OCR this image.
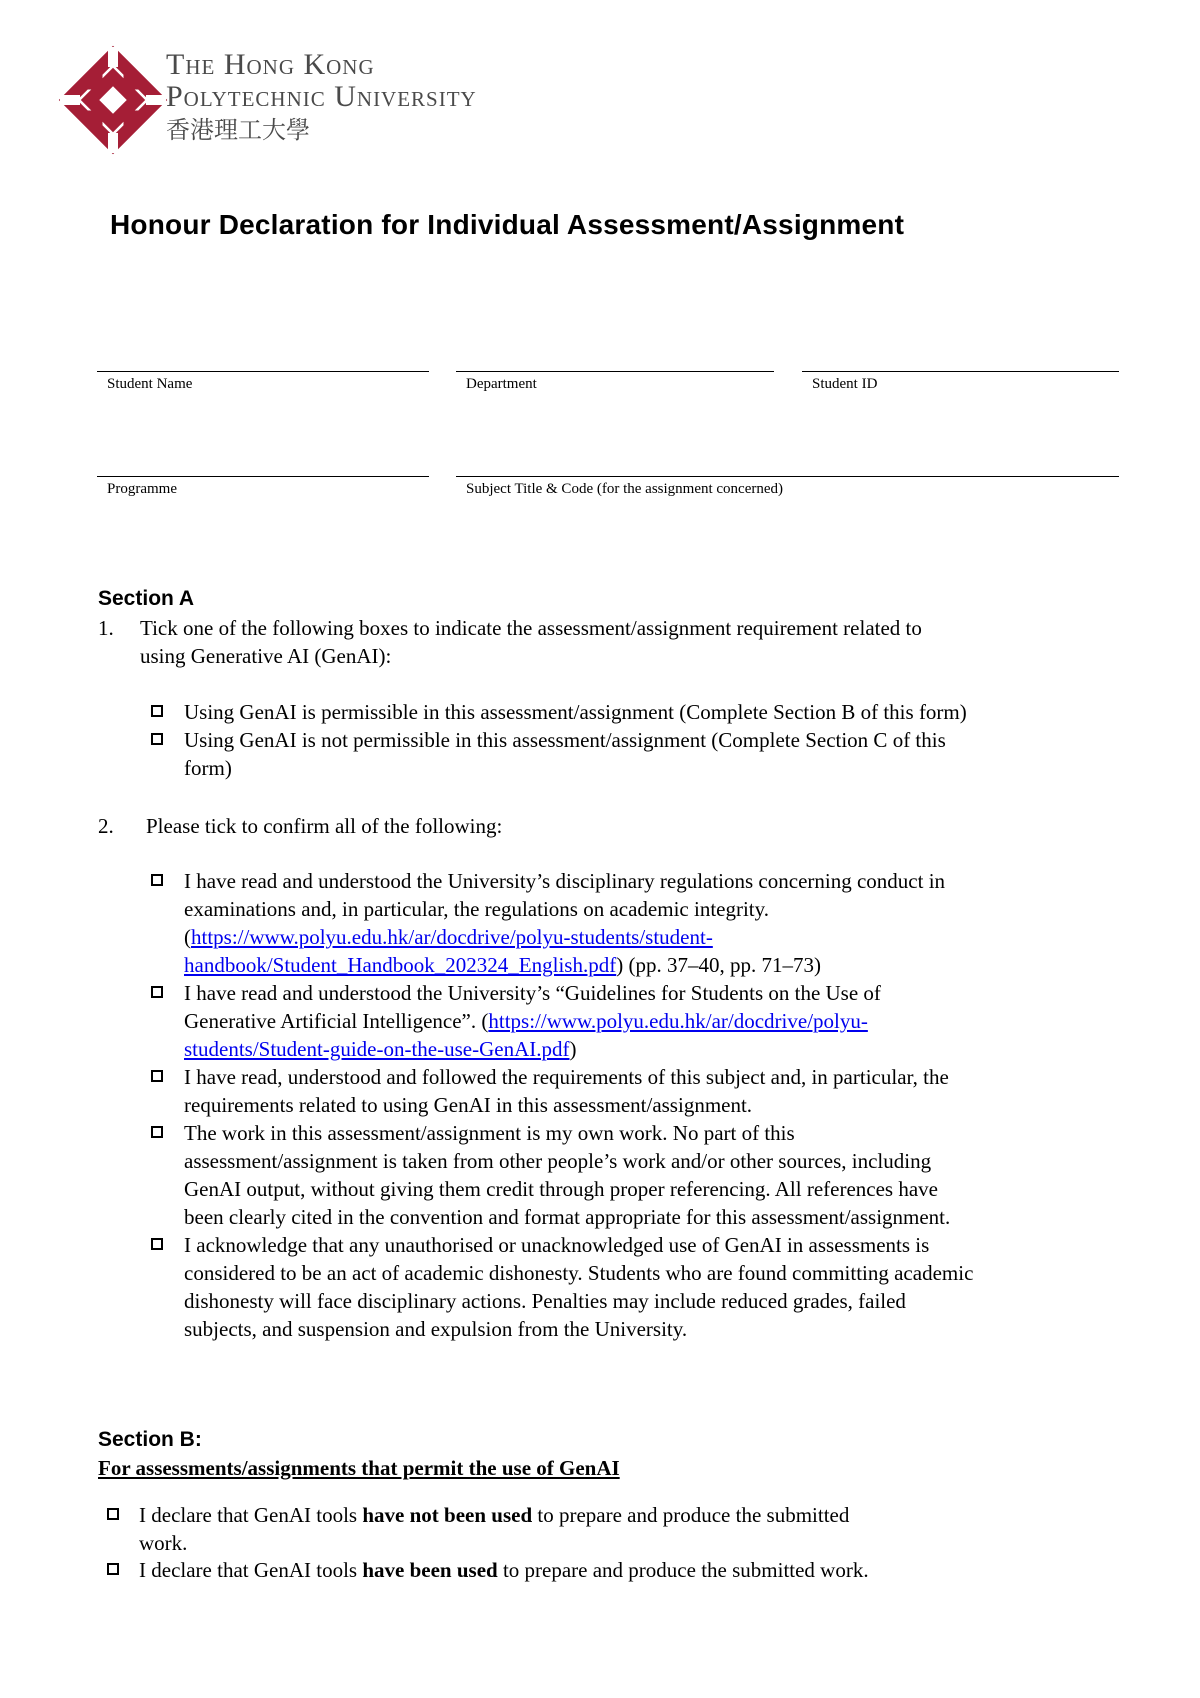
The Hong Kong
Polytechnic University
香港理工大學
Honour Declaration for Individual Assessment/Assignment
Student Name	Department	Student ID
Programme	Subject Title & Code (for the assignment concerned)
Section A
1. Tick one of the following boxes to indicate the assessment/assignment requirement related to
using Generative AI (GenAI):
Using GenAI is permissible in this assessment/assignment (Complete Section B of this form)
Using GenAI is not permissible in this assessment/assignment (Complete Section C of this
form)
2. Please tick to confirm all of the following:
I have read and understood the University’s disciplinary regulations concerning conduct in
examinations and, in particular, the regulations on academic integrity.
(https://www.polyu.edu.hk/ar/docdrive/polyu-students/student-
handbook/Student_Handbook_202324_English.pdf) (pp. 37–40, pp. 71–73)
I have read and understood the University’s “Guidelines for Students on the Use of
Generative Artificial Intelligence”. (https://www.polyu.edu.hk/ar/docdrive/polyu-
students/Student-guide-on-the-use-GenAI.pdf)
I have read, understood and followed the requirements of this subject and, in particular, the
requirements related to using GenAI in this assessment/assignment.
The work in this assessment/assignment is my own work. No part of this
assessment/assignment is taken from other people’s work and/or other sources, including
GenAI output, without giving them credit through proper referencing. All references have
been clearly cited in the convention and format appropriate for this assessment/assignment.
I acknowledge that any unauthorised or unacknowledged use of GenAI in assessments is
considered to be an act of academic dishonesty. Students who are found committing academic
dishonesty will face disciplinary actions. Penalties may include reduced grades, failed
subjects, and suspension and expulsion from the University.
Section B:
For assessments/assignments that permit the use of GenAI
I declare that GenAI tools have not been used to prepare and produce the submitted
work.
I declare that GenAI tools have been used to prepare and produce the submitted work.
